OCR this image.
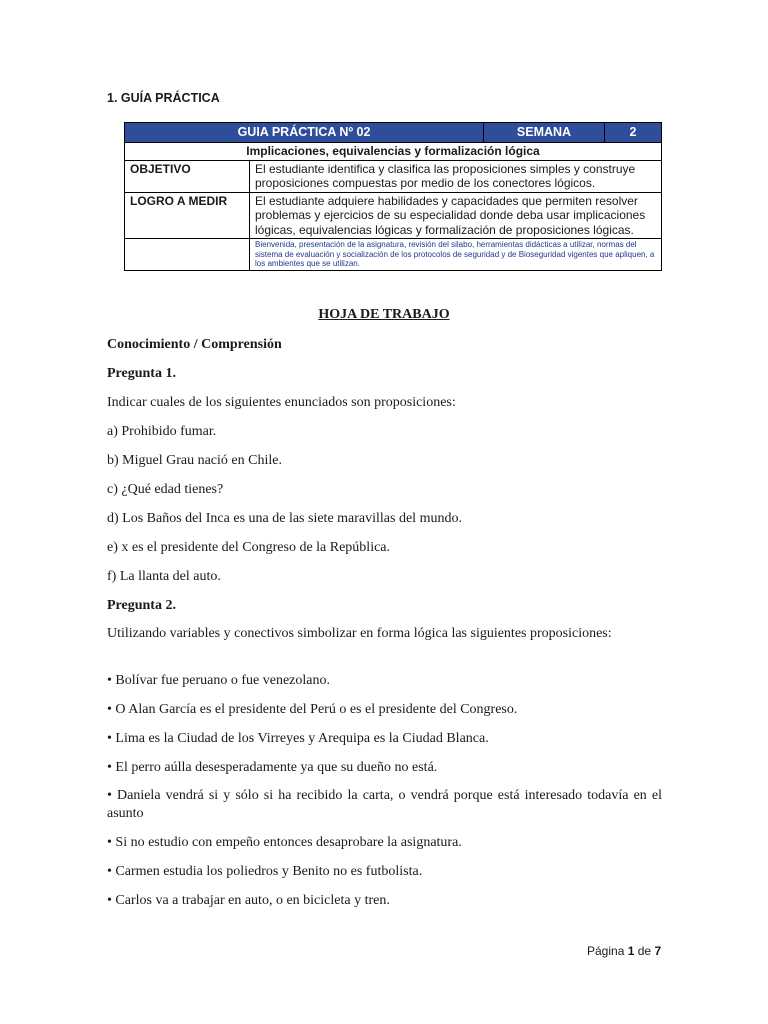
1. GUÍA PRÁCTICA
GUIA PRÁCTICA Nº 02		SEMANA	2
Implicaciones, equivalencias y formalización lógica			
OBJETIVO	El estudiante identifica y clasifica las proposiciones simples y construye proposiciones compuestas por medio de los conectores lógicos.		
LOGRO A MEDIR	El estudiante adquiere habilidades y capacidades que permiten resolver problemas y ejercicios de su especialidad donde deba usar implicaciones lógicas, equivalencias lógicas y formalización de proposiciones lógicas.		
	Bienvenida, presentación de la asignatura, revisión del silabo, herramientas didácticas a utilizar, normas del sistema de evaluación y socialización de los protocolos de seguridad y de Bioseguridad vigentes que apliquen, a los ambientes que se utilizan.		
HOJA DE TRABAJO

Conocimiento / Comprensión

Pregunta 1.

Indicar cuales de los siguientes enunciados son proposiciones:

a) Prohibido fumar.

b) Miguel Grau nació en Chile.

c) ¿Qué edad tienes?

d) Los Baños del Inca es una de las siete maravillas del mundo.

e) x es el presidente del Congreso de la República.

f) La llanta del auto.

Pregunta 2.

Utilizando variables y conectivos simbolizar en forma lógica las siguientes proposiciones:

• Bolívar fue peruano o fue venezolano.

• O Alan García es el presidente del Perú o es el presidente del Congreso.

• Lima es la Ciudad de los Virreyes y Arequipa es la Ciudad Blanca.

• El perro aúlla desesperadamente ya que su dueño no está.

• Daniela vendrá si y sólo si ha recibido la carta, o vendrá porque está interesado todavía en el asunto

• Si no estudio con empeño entonces desaprobare la asignatura.

• Carmen estudia los poliedros y Benito no es futbolista.

• Carlos va a trabajar en auto, o en bicicleta y tren.

Página 1 de 7
